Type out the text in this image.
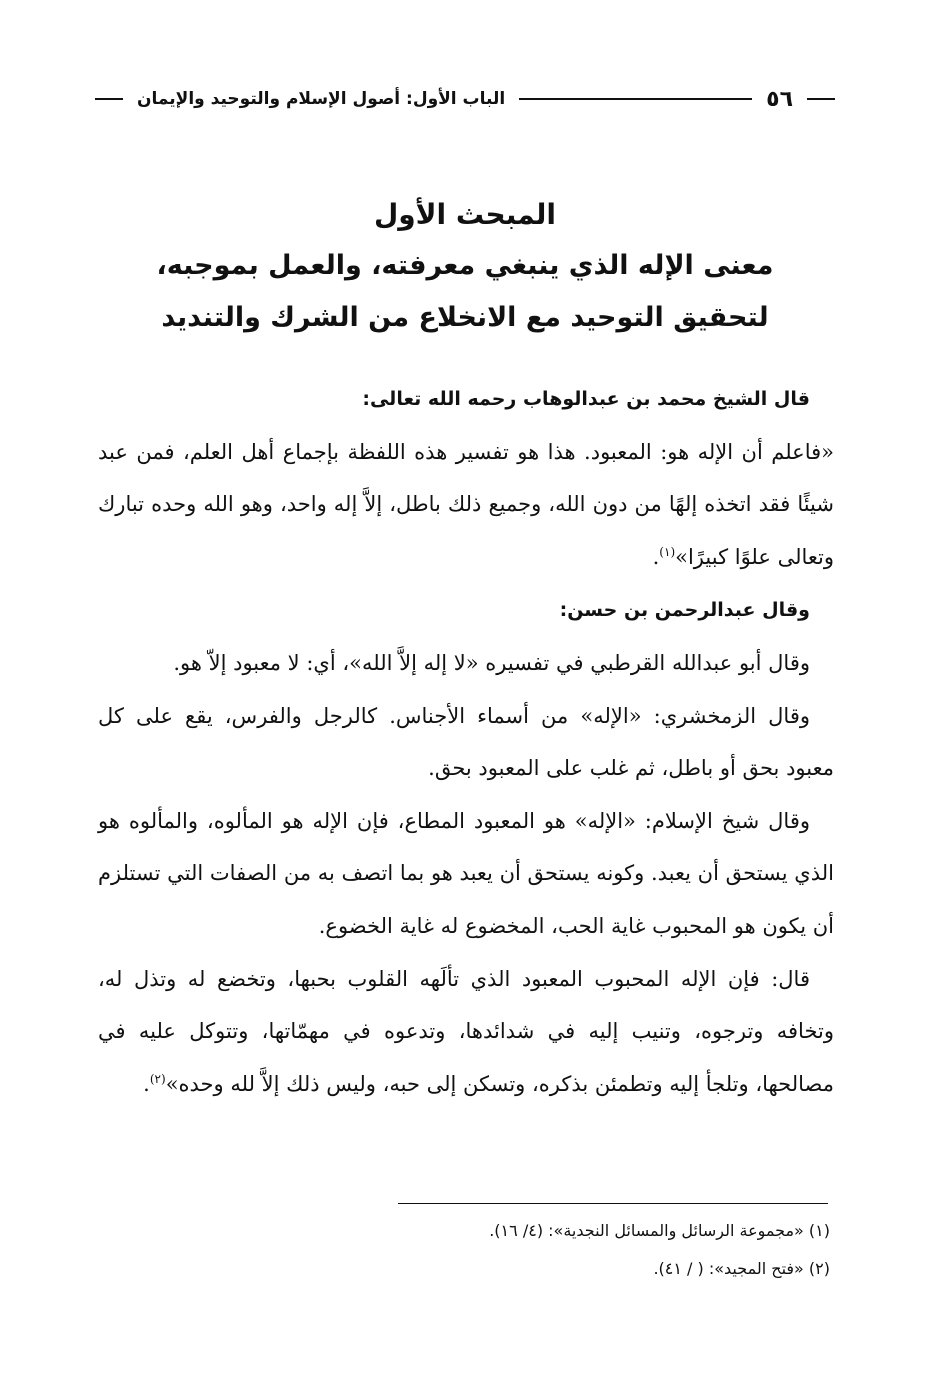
٥٦
الباب الأول: أصول الإسلام والتوحيد والإيمان
المبحث الأول
معنى الإله الذي ينبغي معرفته، والعمل بموجبه،
لتحقيق التوحيد مع الانخلاع من الشرك والتنديد

قال الشيخ محمد بن عبدالوهاب رحمه الله تعالى:

«فاعلم أن الإله هو: المعبود. هذا هو تفسير هذه اللفظة بإجماع أهل العلم، فمن عبد شيئًا فقد اتخذه إلهًا من دون الله، وجميع ذلك باطل، إلاَّ إله واحد، وهو الله وحده تبارك وتعالى علوًا كبيرًا»$^{(١)}$.

وقال عبدالرحمن بن حسن:

وقال أبو عبدالله القرطبي في تفسيره «لا إله إلاَّ الله»، أي: لا معبود إلاّ هو.

وقال الزمخشري: «الإله» من أسماء الأجناس. كالرجل والفرس، يقع على كل معبود بحق أو باطل، ثم غلب على المعبود بحق.

وقال شيخ الإسلام: «الإله» هو المعبود المطاع، فإن الإله هو المألوه، والمألوه هو الذي يستحق أن يعبد. وكونه يستحق أن يعبد هو بما اتصف به من الصفات التي تستلزم أن يكون هو المحبوب غاية الحب، المخضوع له غاية الخضوع.

قال: فإن الإله المحبوب المعبود الذي تألَهه القلوب بحبها، وتخضع له وتذل له، وتخافه وترجوه، وتنيب إليه في شدائدها، وتدعوه في مهمّاتها، وتتوكل عليه في مصالحها، وتلجأ إليه وتطمئن بذكره، وتسكن إلى حبه، وليس ذلك إلاَّ لله وحده»$^{(٢)}$.

(١) «مجموعة الرسائل والمسائل النجدية»: (٤/ ١٦).
(٢) «فتح المجيد»: ( / ٤١).
